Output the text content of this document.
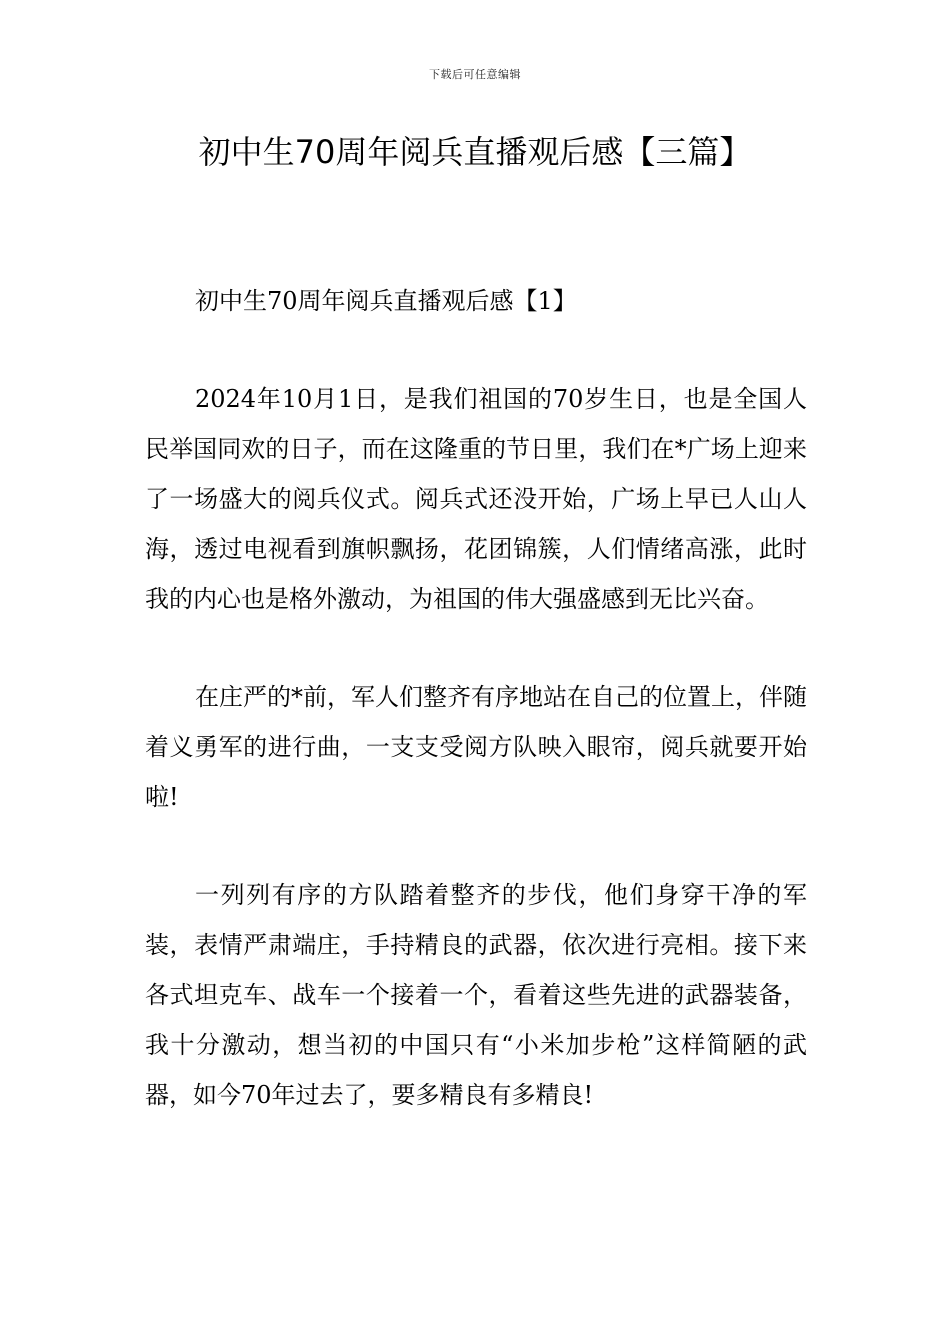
下载后可任意编辑
初中生70周年阅兵直播观后感【三篇】

初中生70周年阅兵直播观后感【1】

2024年10月1日，是我们祖国的70岁生日，也是全国人民举国同欢的日子，而在这隆重的节日里，我们在*广场上迎来了一场盛大的阅兵仪式。阅兵式还没开始，广场上早已人山人海，透过电视看到旗帜飘扬，花团锦簇，人们情绪高涨，此时我的内心也是格外激动，为祖国的伟大强盛感到无比兴奋。

在庄严的*前，军人们整齐有序地站在自己的位置上，伴随着义勇军的进行曲，一支支受阅方队映入眼帘，阅兵就要开始啦!

一列列有序的方队踏着整齐的步伐，他们身穿干净的军装，表情严肃端庄，手持精良的武器，依次进行亮相。接下来各式坦克车、战车一个接着一个，看着这些先进的武器装备，我十分激动，想当初的中国只有“小米加步枪”这样简陋的武器，如今70年过去了，要多精良有多精良!
